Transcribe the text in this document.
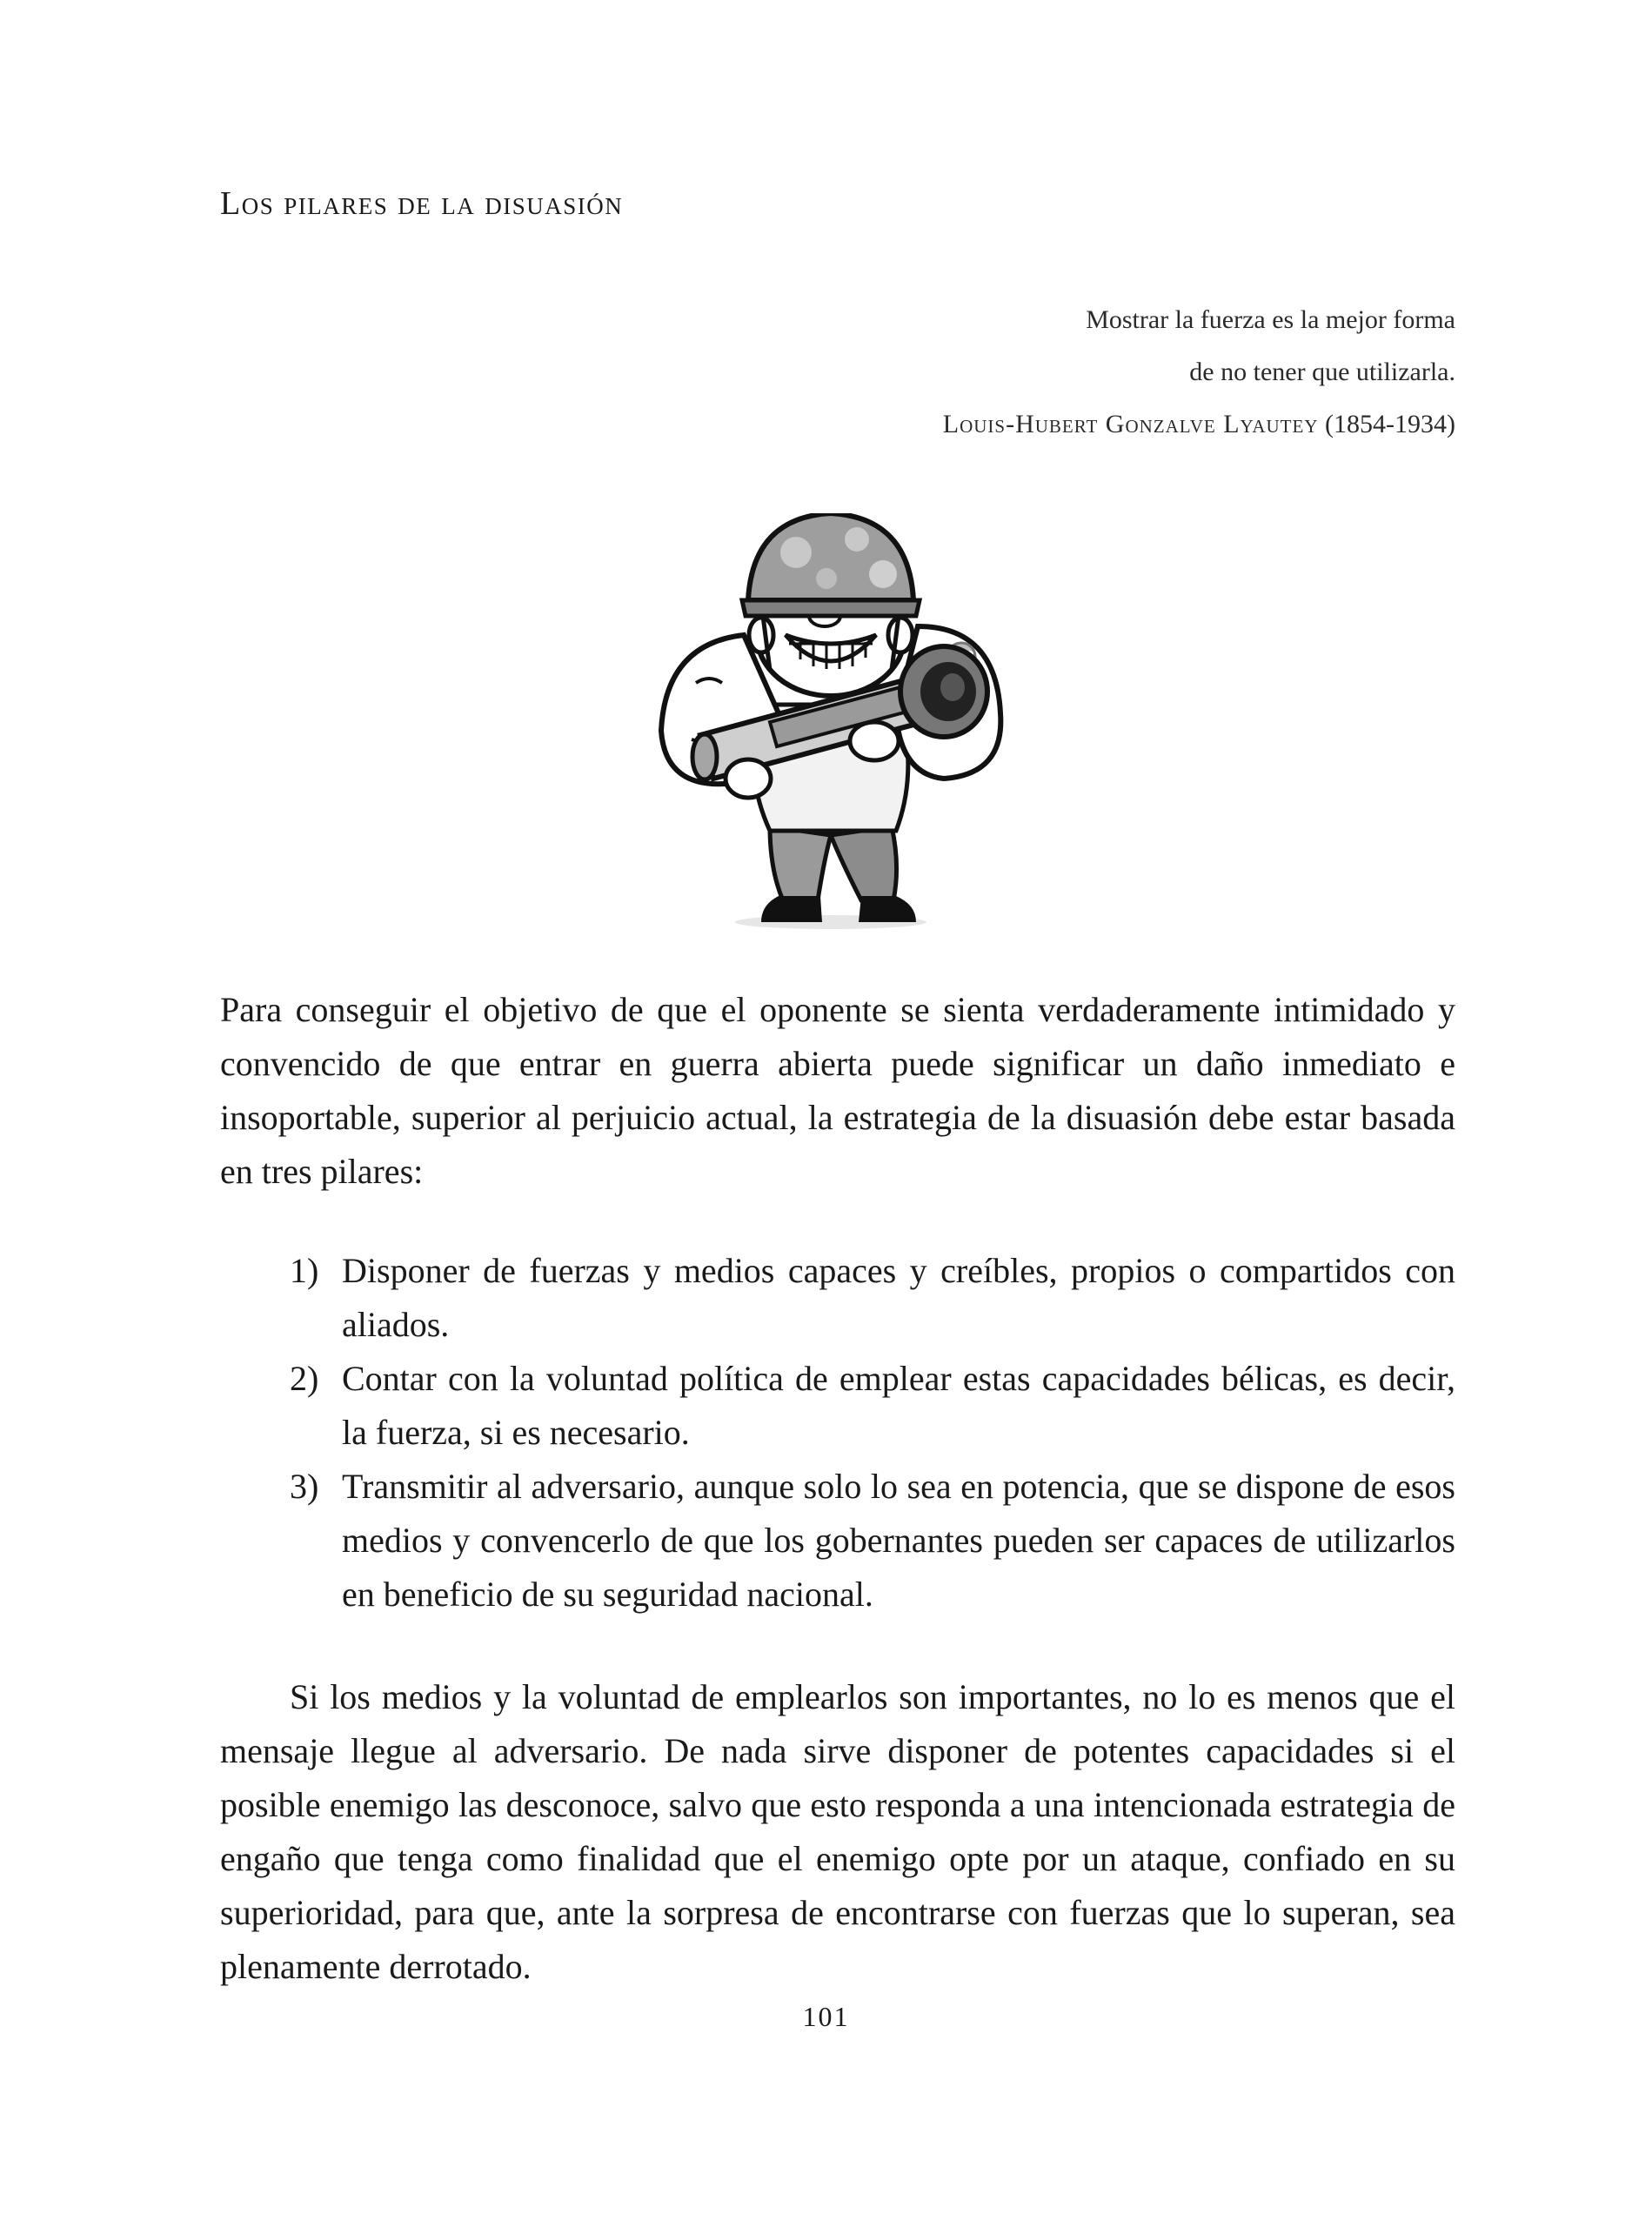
Los pilares de la disuasión
Mostrar la fuerza es la mejor forma
de no tener que utilizarla.
Louis-Hubert Gonzalve Lyautey (1854-1934)
Para conseguir el objetivo de que el oponente se sienta verdaderamente intimidado y convencido de que entrar en guerra abierta puede significar un daño inmediato e insoportable, superior al perjuicio actual, la estrategia de la disuasión debe estar basada en tres pilares:
1) Disponer de fuerzas y medios capaces y creíbles, propios o compartidos con aliados.
2) Contar con la voluntad política de emplear estas capacidades bélicas, es decir, la fuerza, si es necesario.
3) Transmitir al adversario, aunque solo lo sea en potencia, que se dispone de esos medios y convencerlo de que los gobernantes pueden ser capaces de utilizarlos en beneficio de su seguridad nacional.
Si los medios y la voluntad de emplearlos son importantes, no lo es menos que el mensaje llegue al adversario. De nada sirve disponer de potentes capacidades si el posible enemigo las desconoce, salvo que esto responda a una intencionada estrategia de engaño que tenga como finalidad que el enemigo opte por un ataque, confiado en su superioridad, para que, ante la sorpresa de encontrarse con fuerzas que lo superan, sea plenamente derrotado.
101
